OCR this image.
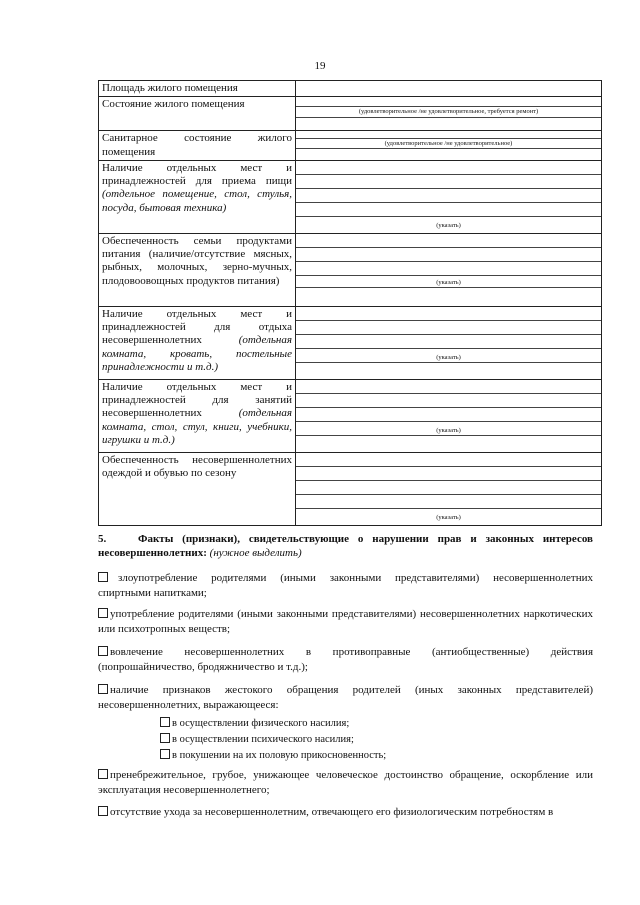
19
Площадь жилого помещения	

Состояние жилого помещения	(удовлетворительное /не удовлетворительное, требуется ремонт)

Санитарное состояние жилого помещения	(удовлетворительное /не удовлетворительное)

Наличие отдельных мест и принадлежностей для приема пищи (отдельное помещение, стол, стулья, посуда, бытовая техника)	(указать)

Обеспеченность семьи продуктами питания (наличие/отсутствие мясных, рыбных, молочных, зерно-мучных, плодовоовощных продуктов питания)	(указать)

Наличие отдельных мест и принадлежностей для отдыха несовершеннолетних (отдельная комната, кровать, постельные принадлежности и т.д.)	(указать)

Наличие отдельных мест и принадлежностей для занятий несовершеннолетних (отдельная комната, стол, стул, книги, учебники, игрушки и т.д.)	(указать)

Обеспеченность несовершеннолетних одеждой и обувью по сезону	(указать)
5.	Факты (признаки), свидетельствующие о нарушении прав и законных интересов несовершеннолетних: (нужное выделить)
злоупотребление родителями (иными законными представителями) несовершеннолетних спиртными напитками;
употребление родителями (иными законными представителями) несовершеннолетних наркотических или психотропных веществ;
вовлечение несовершеннолетних в противоправные (антиобщественные) действия (попрошайничество, бродяжничество и т.д.);
наличие признаков жестокого обращения родителей (иных законных представителей) несовершеннолетних, выражающееся:
в осуществлении физического насилия;
в осуществлении психического насилия;
в покушении на их половую прикосновенность;
пренебрежительное, грубое, унижающее человеческое достоинство обращение, оскорбление или эксплуатация несовершеннолетнего;
отсутствие ухода за несовершеннолетним, отвечающего его физиологическим потребностям в
